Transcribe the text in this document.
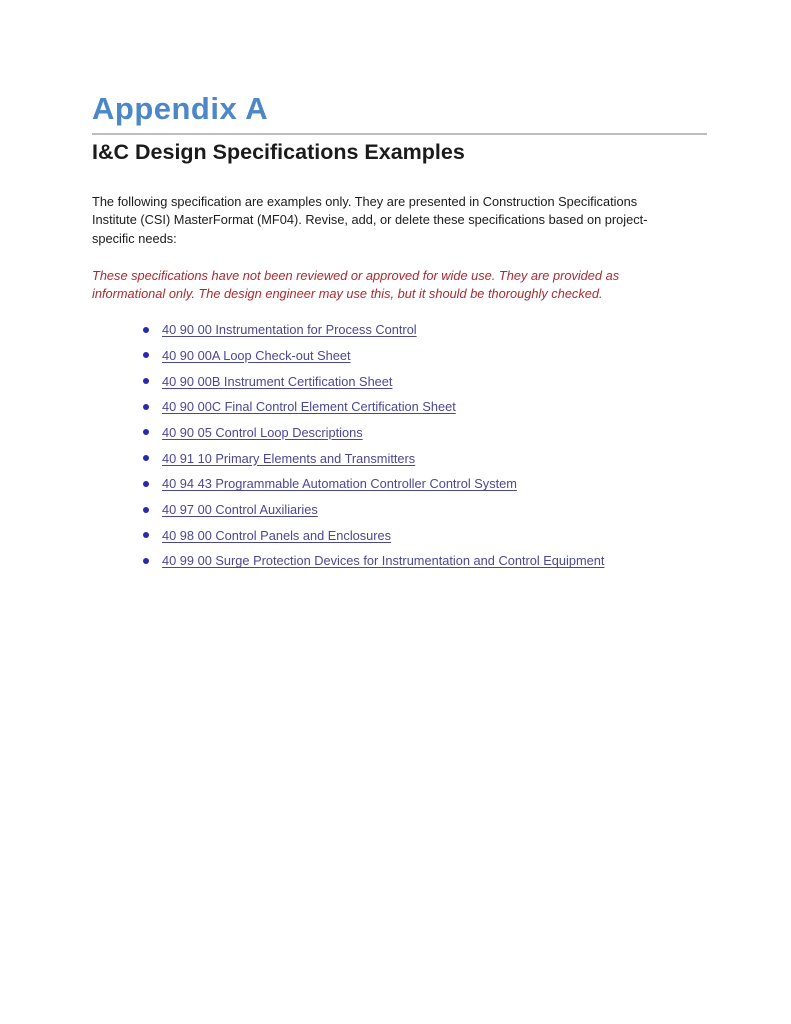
Appendix A
I&C Design Specifications Examples

The following specification are examples only. They are presented in Construction Specifications Institute (CSI) MasterFormat (MF04). Revise, add, or delete these specifications based on project-specific needs:

These specifications have not been reviewed or approved for wide use. They are provided as informational only. The design engineer may use this, but it should be thoroughly checked.

40 90 00 Instrumentation for Process Control
40 90 00A Loop Check-out Sheet
40 90 00B Instrument Certification Sheet
40 90 00C Final Control Element Certification Sheet
40 90 05 Control Loop Descriptions
40 91 10 Primary Elements and Transmitters
40 94 43 Programmable Automation Controller Control System
40 97 00 Control Auxiliaries
40 98 00 Control Panels and Enclosures
40 99 00 Surge Protection Devices for Instrumentation and Control Equipment
